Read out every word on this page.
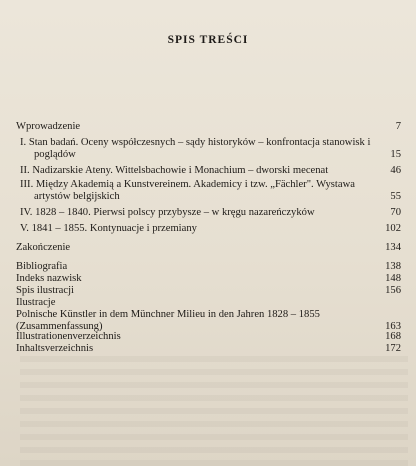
SPIS TREŚCI
Wprowadzenie	7
I. Stan badań. Oceny współczesnych – sądy historyków – konfrontacja stanowisk i poglądów	15
II. Nadizarskie Ateny. Wittelsbachowie i Monachium – dworski mecenat	46
III. Między Akademią a Kunstvereinem. Akademicy i tzw. „Fächler". Wystawa artystów belgijskich	55
IV. 1828 – 1840. Pierwsi polscy przybysze – w kręgu nazareńczyków	70
V. 1841 – 1855. Kontynuacje i przemiany	102
Zakończenie	134
Bibliografia	138
Indeks nazwisk	148
Spis ilustracji	156
Ilustracje
Polnische Künstler in dem Münchner Milieu in den Jahren 1828 – 1855 (Zusammenfassung)	163
Illustrationenverzeichnis	168
Inhaltsverzeichnis	172
